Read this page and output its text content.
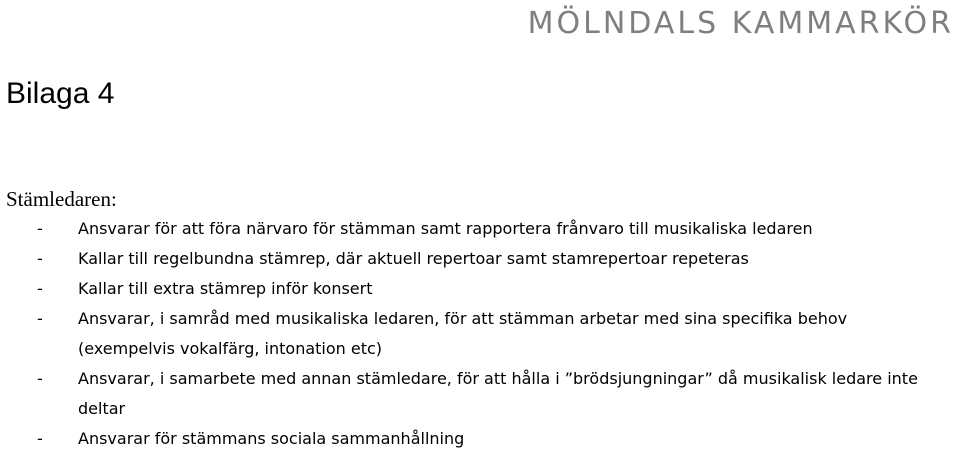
MÖLNDALS KAMMARKÖR
Bilaga 4
Stämledaren:
- Ansvarar för att föra närvaro för stämman samt rapportera frånvaro till musikaliska ledaren
- Kallar till regelbundna stämrep, där aktuell repertoar samt stamrepertoar repeteras
- Kallar till extra stämrep inför konsert
- Ansvarar, i samråd med musikaliska ledaren, för att stämman arbetar med sina specifika behov (exempelvis vokalfärg, intonation etc)
- Ansvarar, i samarbete med annan stämledare, för att hålla i ”brödsjungningar” då musikalisk ledare inte deltar
- Ansvarar för stämmans sociala sammanhållning
